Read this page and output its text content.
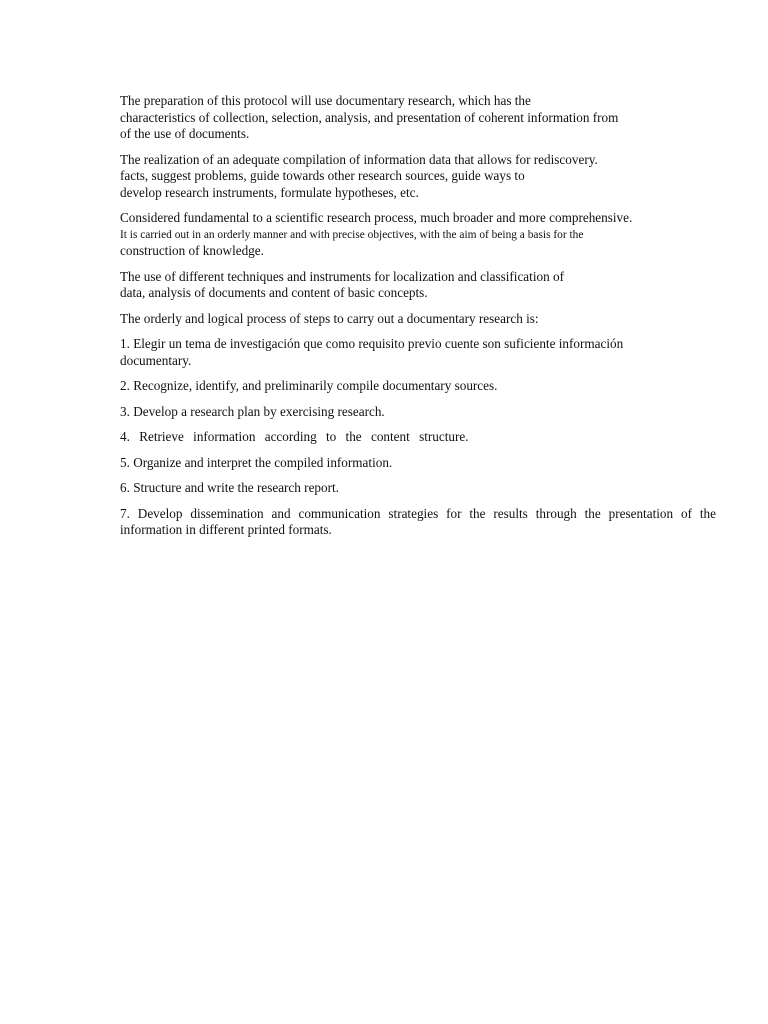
The preparation of this protocol will use documentary research, which has the
characteristics of collection, selection, analysis, and presentation of coherent information from
of the use of documents.

The realization of an adequate compilation of information data that allows for rediscovery.
facts, suggest problems, guide towards other research sources, guide ways to
develop research instruments, formulate hypotheses, etc.

Considered fundamental to a scientific research process, much broader and more comprehensive.
It is carried out in an orderly manner and with precise objectives, with the aim of being a basis for the
construction of knowledge.

The use of different techniques and instruments for localization and classification of
data, analysis of documents and content of basic concepts.

The orderly and logical process of steps to carry out a documentary research is:

1. Elegir un tema de investigación que como requisito previo cuente son suficiente información
documentary.

2. Recognize, identify, and preliminarily compile documentary sources.

3. Develop a research plan by exercising research.

4. Retrieve information according to the content structure.

5. Organize and interpret the compiled information.

6. Structure and write the research report.

7. Develop dissemination and communication strategies for the results through the presentation of the information in different printed formats.
